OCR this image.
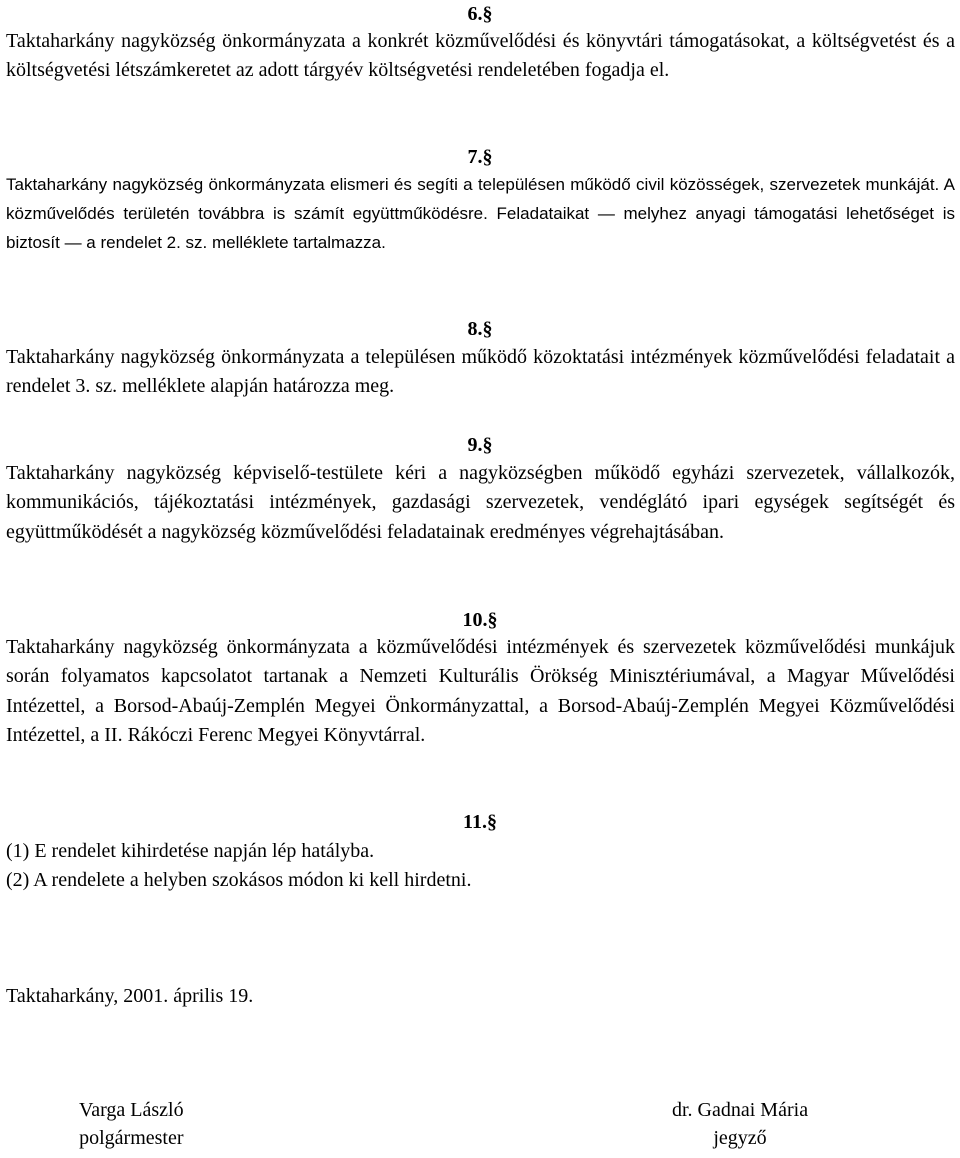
6.§
Taktaharkány nagyközség önkormányzata a konkrét közművelődési és könyvtári támogatásokat, a költségvetést és a költségvetési létszámkeretet az adott tárgyév költségvetési rendeletében fogadja el.
7.§
Taktaharkány nagyközség önkormányzata elismeri és segíti a településen működő civil közösségek, szervezetek munkáját. A közművelődés területén továbbra is számít együttműködésre. Feladataikat — melyhez anyagi támogatási lehetőséget is biztosít — a rendelet 2. sz. melléklete tartalmazza.
8.§
Taktaharkány nagyközség önkormányzata a településen működő közoktatási intézmények közművelődési feladatait a rendelet 3. sz. melléklete alapján határozza meg.
9.§
Taktaharkány nagyközség képviselő-testülete kéri a nagyközségben működő egyházi szervezetek, vállalkozók, kommunikációs, tájékoztatási intézmények, gazdasági szervezetek, vendéglátó ipari egységek segítségét és együttműködését a nagyközség közművelődési feladatainak eredményes végrehajtásában.
10.§
Taktaharkány nagyközség önkormányzata a közművelődési intézmények és szervezetek közművelődési munkájuk során folyamatos kapcsolatot tartanak a Nemzeti Kulturális Örökség Minisztériumával, a Magyar Művelődési Intézettel, a Borsod-Abaúj-Zemplén Megyei Önkormányzattal, a Borsod-Abaúj-Zemplén Megyei Közművelődési Intézettel, a II. Rákóczi Ferenc Megyei Könyvtárral.
11.§
(1) E rendelet kihirdetése napján lép hatályba.
(2) A rendelete a helyben szokásos módon ki kell hirdetni.
Taktaharkány, 2001. április 19.
Varga László
polgármester
dr. Gadnai Mária
jegyző
